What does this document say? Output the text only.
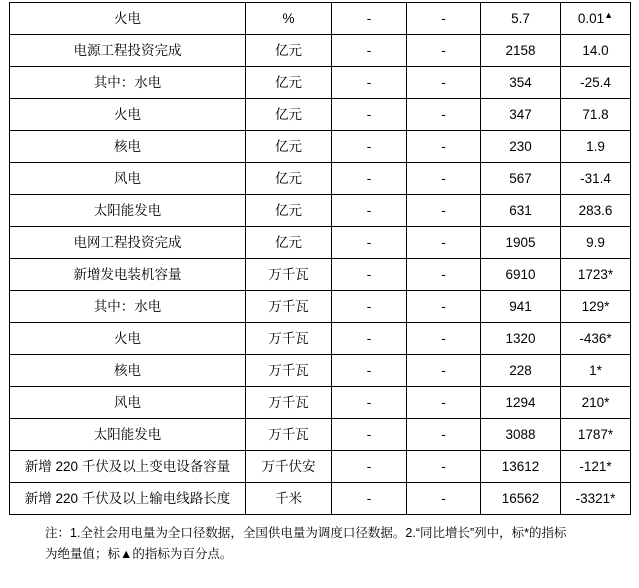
火电	%	-	-	5.7	0.01▲
电源工程投资完成	亿元	-	-	2158	14.0
其中：水电	亿元	-	-	354	-25.4
火电	亿元	-	-	347	71.8
核电	亿元	-	-	230	1.9
风电	亿元	-	-	567	-31.4
太阳能发电	亿元	-	-	631	283.6
电网工程投资完成	亿元	-	-	1905	9.9
新增发电装机容量	万千瓦	-	-	6910	1723*
其中：水电	万千瓦	-	-	941	129*
火电	万千瓦	-	-	1320	-436*
核电	万千瓦	-	-	228	1*
风电	万千瓦	-	-	1294	210*
太阳能发电	万千瓦	-	-	3088	1787*
新增 220 千伏及以上变电设备容量	万千伏安	-	-	13612	-121*
新增 220 千伏及以上输电线路长度	千米	-	-	16562	-3321*
注：1.全社会用电量为全口径数据，全国供电量为调度口径数据。2.“同比增长”列中，标*的指标
为绝量值；标▲的指标为百分点。
